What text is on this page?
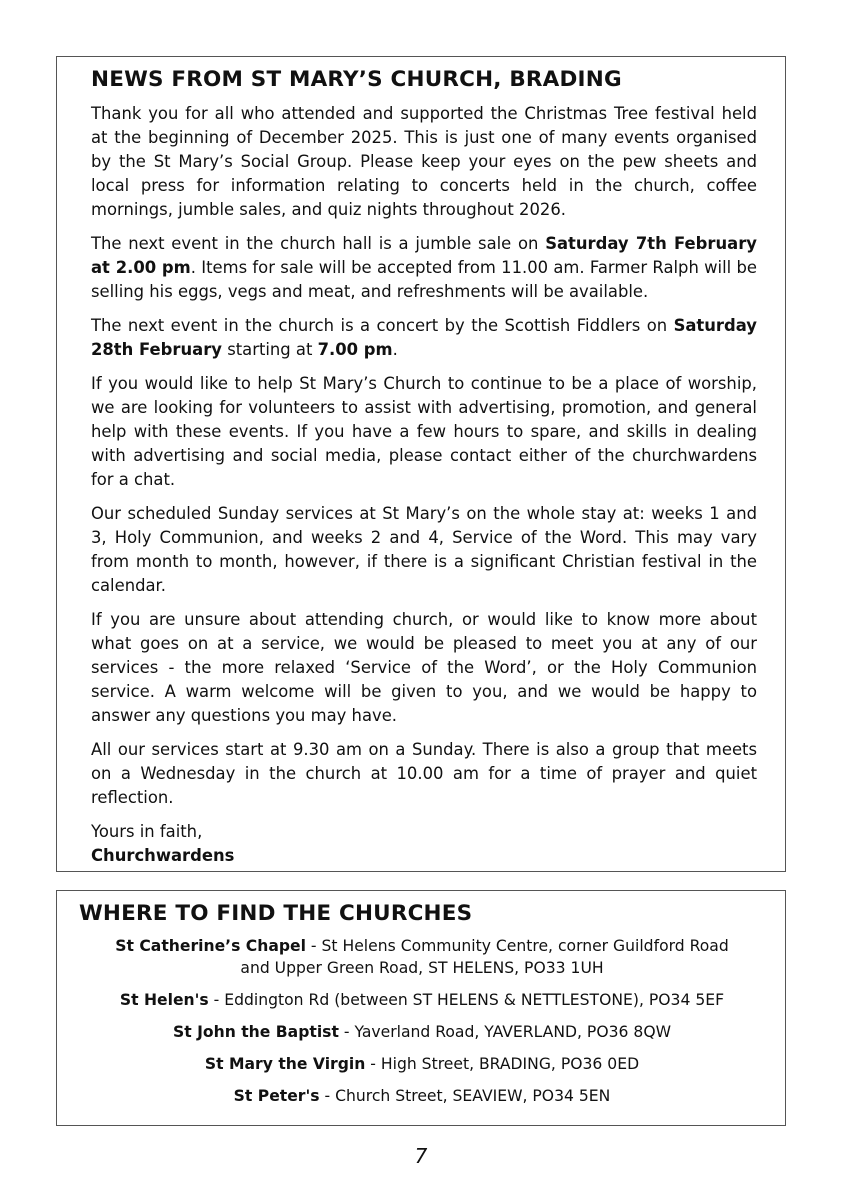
NEWS FROM ST MARY’S CHURCH, BRADING

Thank you for all who attended and supported the Christmas Tree festival held at the beginning of December 2025. This is just one of many events organised by the St Mary’s Social Group. Please keep your eyes on the pew sheets and local press for information relating to concerts held in the church, coffee mornings, jumble sales, and quiz nights throughout 2026.

The next event in the church hall is a jumble sale on Saturday 7th February at 2.00 pm. Items for sale will be accepted from 11.00 am. Farmer Ralph will be selling his eggs, vegs and meat, and refreshments will be available.

The next event in the church is a concert by the Scottish Fiddlers on Saturday 28th February starting at 7.00 pm.

If you would like to help St Mary’s Church to continue to be a place of worship, we are looking for volunteers to assist with advertising, promotion, and general help with these events. If you have a few hours to spare, and skills in dealing with advertising and social media, please contact either of the churchwardens for a chat.

Our scheduled Sunday services at St Mary’s on the whole stay at: weeks 1 and 3, Holy Communion, and weeks 2 and 4, Service of the Word. This may vary from month to month, however, if there is a significant Christian festival in the calendar.

If you are unsure about attending church, or would like to know more about what goes on at a service, we would be pleased to meet you at any of our services - the more relaxed ‘Service of the Word’, or the Holy Communion service. A warm welcome will be given to you, and we would be happy to answer any questions you may have.

All our services start at 9.30 am on a Sunday. There is also a group that meets on a Wednesday in the church at 10.00 am for a time of prayer and quiet reflection.

Yours in faith,
Churchwardens

WHERE TO FIND THE CHURCHES
St Catherine’s Chapel - St Helens Community Centre, corner Guildford Road
and Upper Green Road, ST HELENS, PO33 1UH
St Helen's - Eddington Rd (between ST HELENS & NETTLESTONE), PO34 5EF
St John the Baptist - Yaverland Road, YAVERLAND, PO36 8QW
St Mary the Virgin - High Street, BRADING, PO36 0ED
St Peter's - Church Street, SEAVIEW, PO34 5EN
7
